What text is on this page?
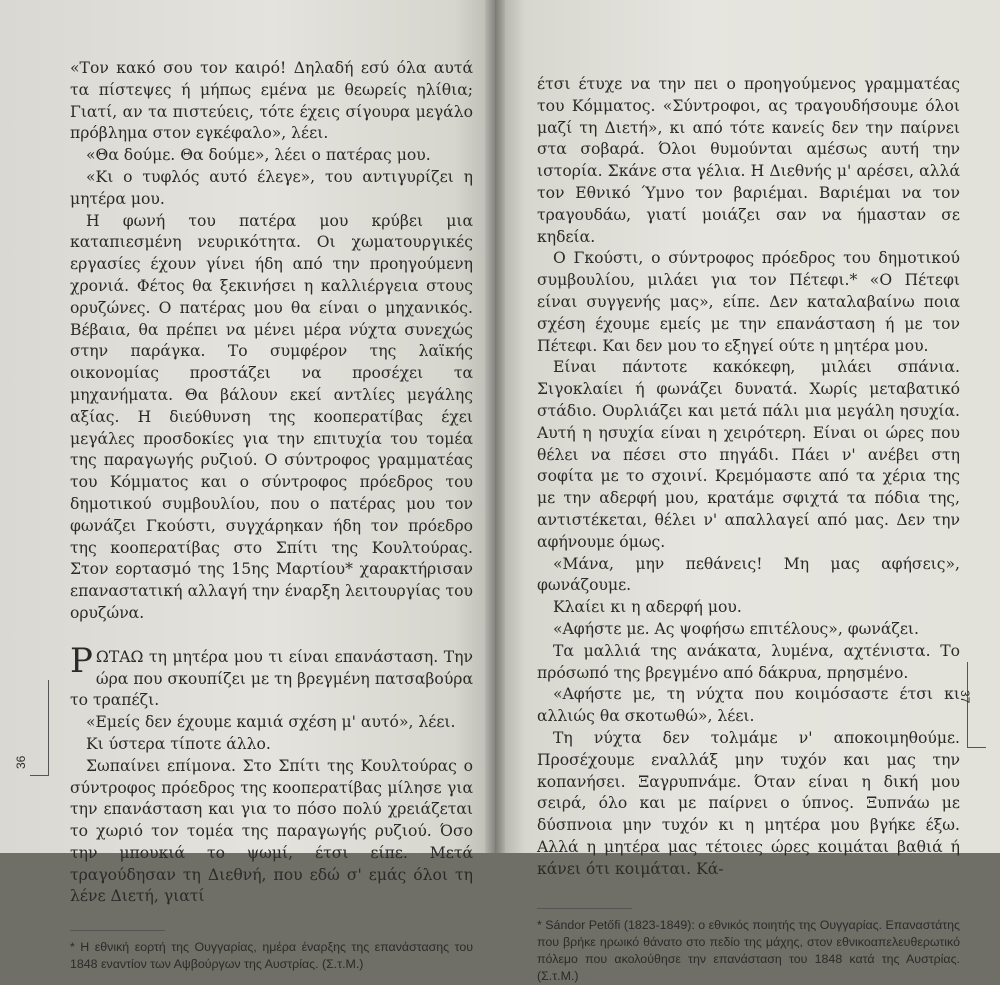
«Τον κακό σου τον καιρό! Δηλαδή εσύ όλα αυτά τα πίστεψες ή μήπως εμένα με θεωρείς ηλίθια; Γιατί, αν τα πιστεύεις, τότε έχεις σίγουρα μεγάλο πρόβλημα στον εγκέφαλο», λέει.

«Θα δούμε. Θα δούμε», λέει ο πατέρας μου.

«Κι ο τυφλός αυτό έλεγε», του αντιγυρίζει η μητέρα μου.

Η φωνή του πατέρα μου κρύβει μια καταπιεσμένη νευρικότητα. Οι χωματουργικές εργασίες έχουν γίνει ήδη από την προηγούμενη χρονιά. Φέτος θα ξεκινήσει η καλλιέργεια στους ορυζώνες. Ο πατέρας μου θα είναι ο μηχανικός. Βέβαια, θα πρέπει να μένει μέρα νύχτα συνεχώς στην παράγκα. Το συμφέρον της λαϊκής οικονομίας προστάζει να προσέχει τα μηχανήματα. Θα βάλουν εκεί αντλίες μεγάλης αξίας. Η διεύθυνση της κοοπερατίβας έχει μεγάλες προσδοκίες για την επιτυχία του τομέα της παραγωγής ρυζιού. Ο σύντροφος γραμματέας του Κόμματος και ο σύντροφος πρόεδρος του δημοτικού συμβουλίου, που ο πατέρας μου τον φωνάζει Γκούστι, συγχάρηκαν ήδη τον πρόεδρο της κοοπερατίβας στο Σπίτι της Κουλτούρας. Στον εορτασμό της 15ης Μαρτίου* χαρακτήρισαν επαναστατική αλλαγή την έναρξη λειτουργίας του ορυζώνα.

ΡΩΤΑΩ τη μητέρα μου τι είναι επανάσταση. Την ώρα που σκουπίζει με τη βρεγμένη πατσαβούρα το τραπέζι.

«Εμείς δεν έχουμε καμιά σχέση μ' αυτό», λέει.

Κι ύστερα τίποτε άλλο.

Σωπαίνει επίμονα. Στο Σπίτι της Κουλτούρας ο σύντροφος πρόεδρος της κοοπερατίβας μίλησε για την επανάσταση και για το πόσο πολύ χρειάζεται το χωριό τον τομέα της παραγωγής ρυζιού. Όσο την μπουκιά το ψωμί, έτσι είπε. Μετά τραγούδησαν τη Διεθνή, που εδώ σ' εμάς όλοι τη λένε Διετή, γιατί

* Η εθνική εορτή της Ουγγαρίας, ημέρα έναρξης της επανάστασης του 1848 εναντίον των Αψβούργων της Αυστρίας. (Σ.τ.Μ.)

36

έτσι έτυχε να την πει ο προηγούμενος γραμματέας του Κόμματος. «Σύντροφοι, ας τραγουδήσουμε όλοι μαζί τη Διετή», κι από τότε κανείς δεν την παίρνει στα σοβαρά. Όλοι θυμούνται αμέσως αυτή την ιστορία. Σκάνε στα γέλια. Η Διεθνής μ' αρέσει, αλλά τον Εθνικό Ύμνο τον βαριέμαι. Βαριέμαι να τον τραγουδάω, γιατί μοιάζει σαν να ήμασταν σε κηδεία.

Ο Γκούστι, ο σύντροφος πρόεδρος του δημοτικού συμβουλίου, μιλάει για τον Πέτεφι.* «Ο Πέτεφι είναι συγγενής μας», είπε. Δεν καταλαβαίνω ποια σχέση έχουμε εμείς με την επανάσταση ή με τον Πέτεφι. Και δεν μου το εξηγεί ούτε η μητέρα μου.

Είναι πάντοτε κακόκεφη, μιλάει σπάνια. Σιγοκλαίει ή φωνάζει δυνατά. Χωρίς μεταβατικό στάδιο. Ουρλιάζει και μετά πάλι μια μεγάλη ησυχία. Αυτή η ησυχία είναι η χειρότερη. Είναι οι ώρες που θέλει να πέσει στο πηγάδι. Πάει ν' ανέβει στη σοφίτα με το σχοινί. Κρεμόμαστε από τα χέρια της με την αδερφή μου, κρατάμε σφιχτά τα πόδια της, αντιστέκεται, θέλει ν' απαλλαγεί από μας. Δεν την αφήνουμε όμως.

«Μάνα, μην πεθάνεις! Μη μας αφήσεις», φωνάζουμε.

Κλαίει κι η αδερφή μου.

«Αφήστε με. Ας ψοφήσω επιτέλους», φωνάζει.

Τα μαλλιά της ανάκατα, λυμένα, αχτένιστα. Το πρόσωπό της βρεγμένο από δάκρυα, πρησμένο.

«Αφήστε με, τη νύχτα που κοιμόσαστε έτσι κι αλλιώς θα σκοτωθώ», λέει.

Τη νύχτα δεν τολμάμε ν' αποκοιμηθούμε. Προσέχουμε εναλλάξ μην τυχόν και μας την κοπανήσει. Ξαγρυπνάμε. Όταν είναι η δική μου σειρά, όλο και με παίρνει ο ύπνος. Ξυπνάω με δύσπνοια μην τυχόν κι η μητέρα μου βγήκε έξω. Αλλά η μητέρα μας τέτοιες ώρες κοιμάται βαθιά ή κάνει ότι κοιμάται. Κά-

* Sándor Petőfi (1823-1849): ο εθνικός ποιητής της Ουγγαρίας. Επαναστάτης που βρήκε ηρωικό θάνατο στο πεδίο της μάχης, στον εθνικοαπελευθερωτικό πόλεμο που ακολούθησε την επανάσταση του 1848 κατά της Αυστρίας. (Σ.τ.Μ.)

37
